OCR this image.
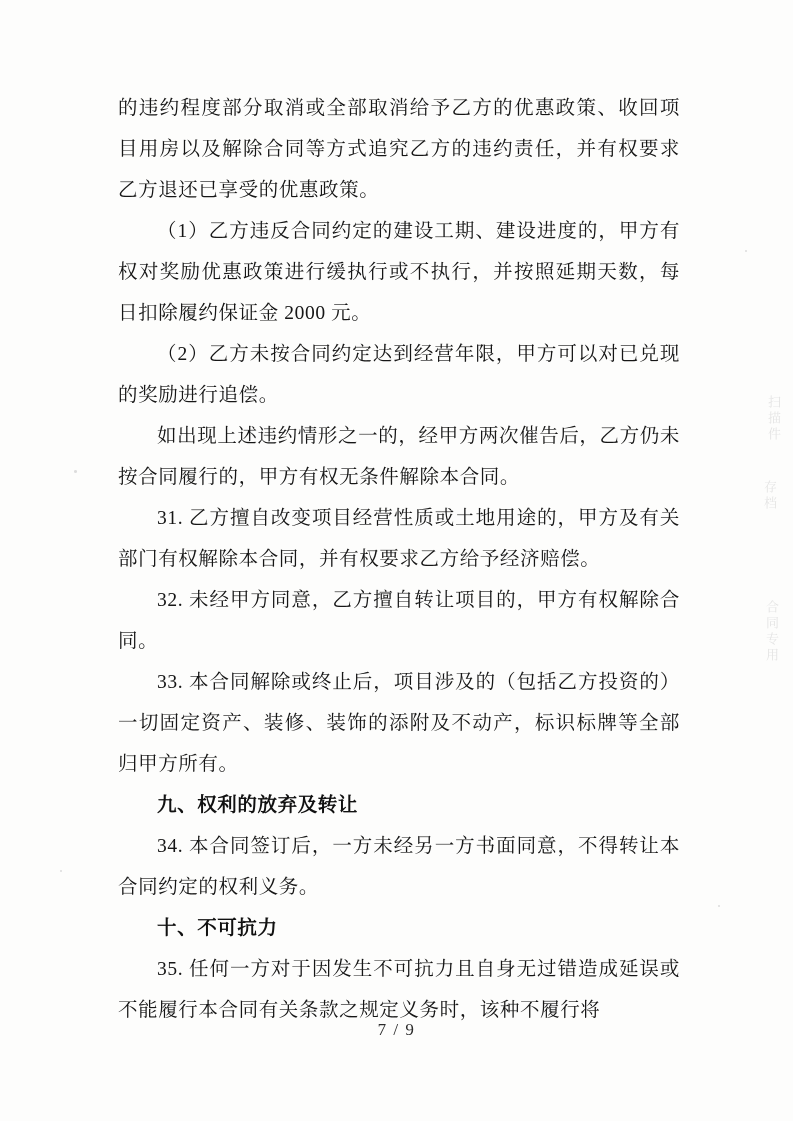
扫描件
存档
合同专用

的违约程度部分取消或全部取消给予乙方的优惠政策、收回项目用房以及解除合同等方式追究乙方的违约责任，并有权要求乙方退还已享受的优惠政策。

（1）乙方违反合同约定的建设工期、建设进度的，甲方有权对奖励优惠政策进行缓执行或不执行，并按照延期天数，每日扣除履约保证金 2000 元。

（2）乙方未按合同约定达到经营年限，甲方可以对已兑现的奖励进行追偿。

如出现上述违约情形之一的，经甲方两次催告后，乙方仍未按合同履行的，甲方有权无条件解除本合同。

31. 乙方擅自改变项目经营性质或土地用途的，甲方及有关部门有权解除本合同，并有权要求乙方给予经济赔偿。

32. 未经甲方同意，乙方擅自转让项目的，甲方有权解除合同。

33. 本合同解除或终止后，项目涉及的（包括乙方投资的）一切固定资产、装修、装饰的添附及不动产，标识标牌等全部归甲方所有。

九、权利的放弃及转让

34. 本合同签订后，一方未经另一方书面同意，不得转让本合同约定的权利义务。

十、不可抗力

35. 任何一方对于因发生不可抗力且自身无过错造成延误或不能履行本合同有关条款之规定义务时，该种不履行将

7 / 9
